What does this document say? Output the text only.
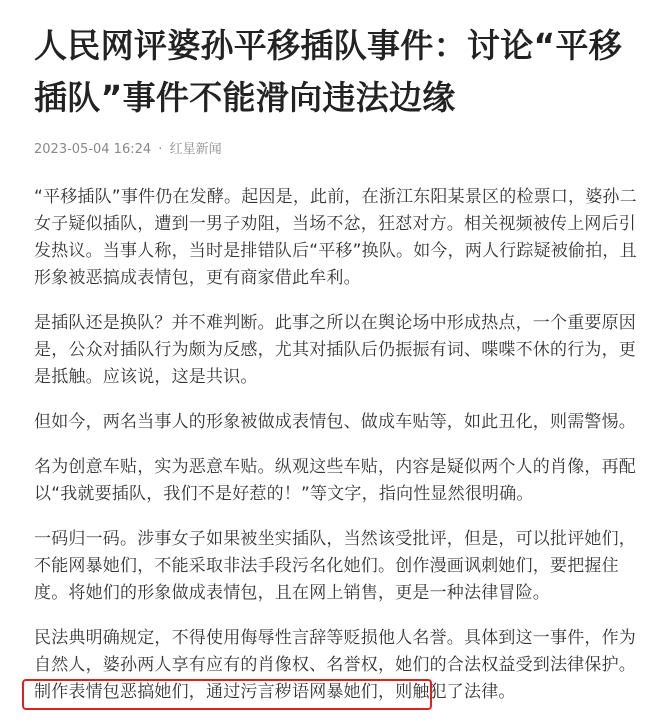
人民网评婆孙平移插队事件：讨论“平移插队”事件不能滑向违法边缘
2023-05-04 16:24 · 红星新闻

“平移插队”事件仍在发酵。起因是，此前，在浙江东阳某景区的检票口，婆孙二女子疑似插队，遭到一男子劝阻，当场不忿，狂怼对方。相关视频被传上网后引发热议。当事人称，当时是排错队后“平移”换队。如今，两人行踪疑被偷拍，且形象被恶搞成表情包，更有商家借此牟利。

是插队还是换队？并不难判断。此事之所以在舆论场中形成热点，一个重要原因是，公众对插队行为颇为反感，尤其对插队后仍振振有词、喋喋不休的行为，更是抵触。应该说，这是共识。

但如今，两名当事人的形象被做成表情包、做成车贴等，如此丑化，则需警惕。

名为创意车贴，实为恶意车贴。纵观这些车贴，内容是疑似两个人的肖像，再配以“我就要插队，我们不是好惹的！”等文字，指向性显然很明确。

一码归一码。涉事女子如果被坐实插队，当然该受批评，但是，可以批评她们，不能网暴她们，不能采取非法手段污名化她们。创作漫画讽刺她们，要把握住度。将她们的形象做成表情包，且在网上销售，更是一种法律冒险。

民法典明确规定，不得使用侮辱性言辞等贬损他人名誉。具体到这一事件，作为自然人，婆孙两人享有应有的肖像权、名誉权，她们的合法权益受到法律保护。制作表情包恶搞她们，通过污言秽语网暴她们，则触犯了法律。
